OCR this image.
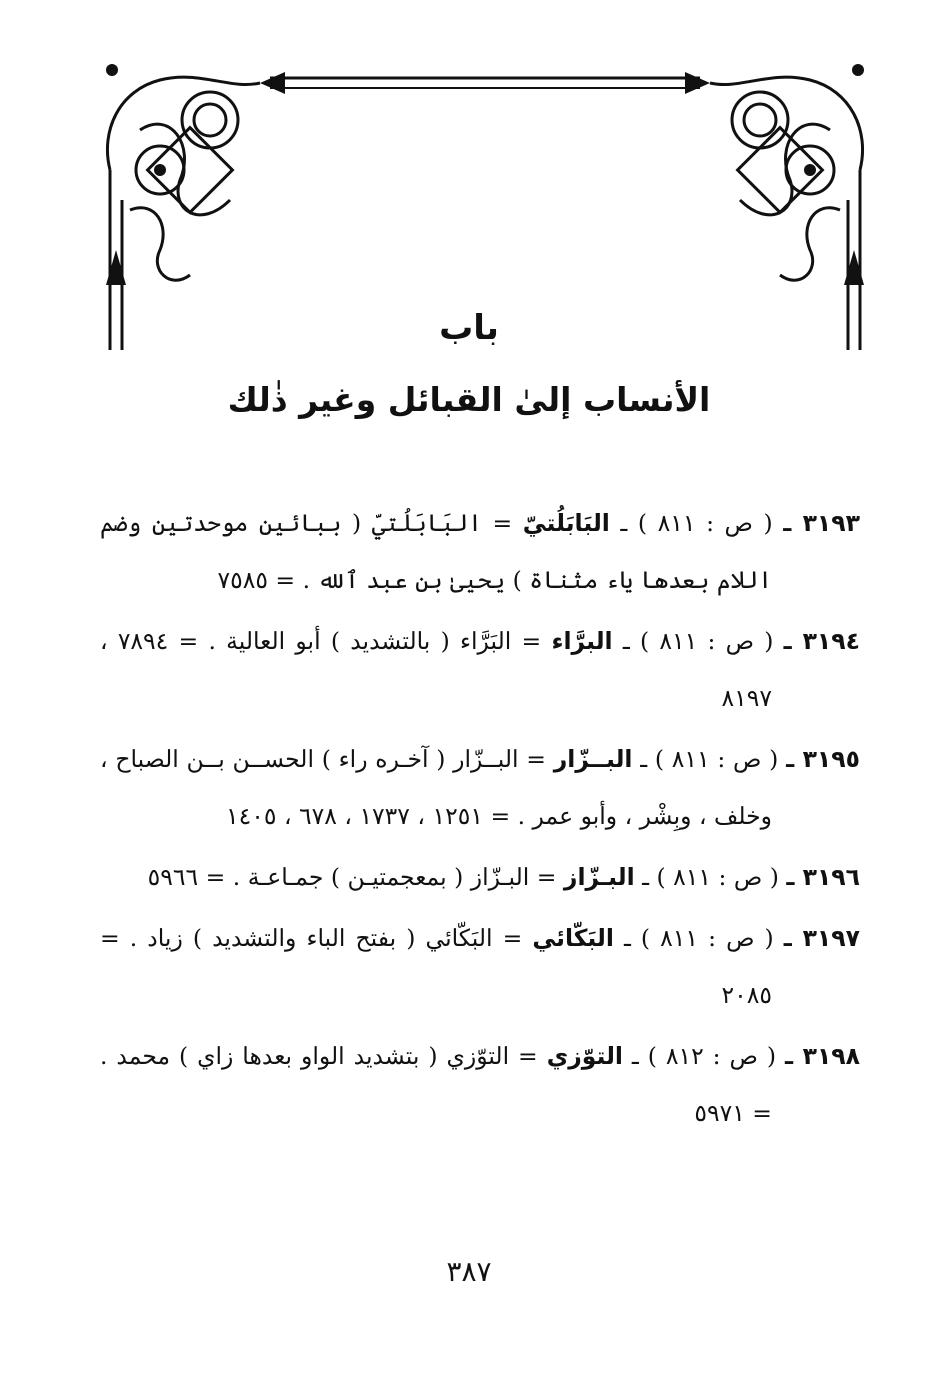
باب
الأنساب إلىٰ القبائل وغير ذٰلك
٣١٩٣ ـ ( ص : ٨١١ ) ـ البَابَلُتيّ = البَابَلُتيّ ( ببائين موحدتين وضم اللام بعدها ياء مثناة ) يحيىٰ بن عبد ٱلله . = ٧٥٨٥
٣١٩٤ ـ ( ص : ٨١١ ) ـ البرَّاء = البَرَّاء ( بالتشديد ) أبو العالية . = ٧٨٩٤ ، ٨١٩٧
٣١٩٥ ـ ( ص : ٨١١ ) ـ البــزّار = البــزّار ( آخـره راء ) الحســن بــن الصباح ، وخلف ، وبِشْر ، وأبو عمر . = ١٢٥١ ، ١٧٣٧ ، ٦٧٨ ، ١٤٠٥
٣١٩٦ ـ ( ص : ٨١١ ) ـ البـزّاز = البـزّاز ( بمعجمتيـن ) جمـاعـة . = ٥٩٦٦
٣١٩٧ ـ ( ص : ٨١١ ) ـ البَكّائي = البَكّائي ( بفتح الباء والتشديد ) زياد . = ٢٠٨٥
٣١٩٨ ـ ( ص : ٨١٢ ) ـ التوّزي = التوّزي ( بتشديد الواو بعدها زاي ) محمد . = ٥٩٧١
٣٨٧
